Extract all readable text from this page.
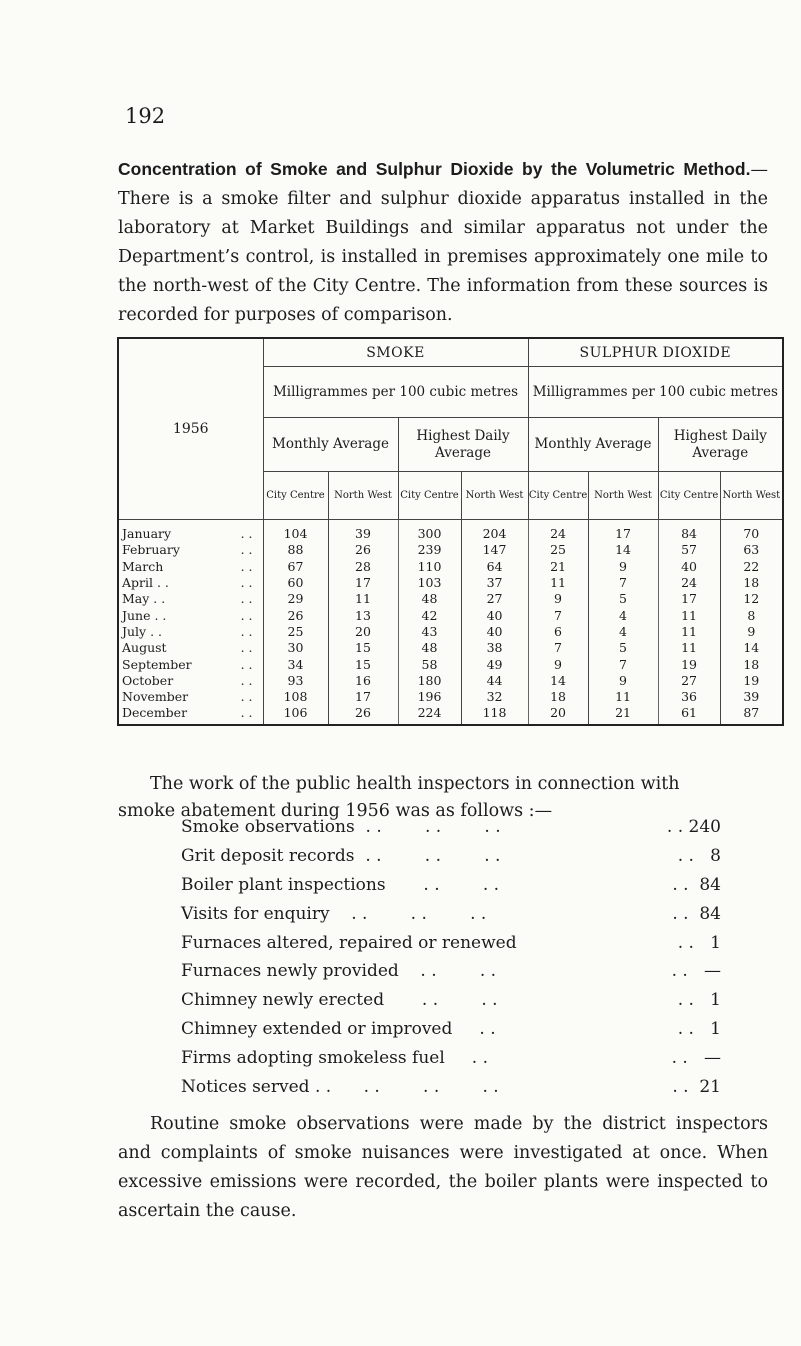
192
Concentration of Smoke and Sulphur Dioxide by the Volumetric Method.—There is a smoke filter and sulphur dioxide apparatus installed in the laboratory at Market Buildings and similar apparatus not under the Department’s control, is installed in premises approximately one mile to the north-west of the City Centre. The information from these sources is recorded for purposes of comparison.
1956	SMOKE				SULPHUR DIOXIDE			
	Milligrammes per 100 cubic metres				Milligrammes per 100 cubic metres			
	Monthly Average		Highest Daily Average		Monthly Average		Highest Daily Average	
	City Centre	North West	City Centre	North West	City Centre	North West	City Centre	North West

January . .	104	39	300	204	24	17	84	70
February . .	88	26	239	147	25	14	57	63
March . .	67	28	110	64	21	9	40	22
April . . . .	60	17	103	37	11	7	24	18
May . . . .	29	11	48	27	9	5	17	12
June . . . .	26	13	42	40	7	4	11	8
July . . . .	25	20	43	40	6	4	11	9
August . .	30	15	48	38	7	5	11	14
September . .	34	15	58	49	9	7	19	18
October . .	93	16	180	44	14	9	27	19
November . .	108	17	196	32	18	11	36	39
December . .	106	26	224	118	20	21	61	87

The work of the public health inspectors in connection with
smoke abatement during 1956 was as follows :—
Smoke observations  . .        . .        . .	. . 240
Grit deposit records  . .        . .        . .	. .   8
Boiler plant inspections       . .        . .	. .  84
Visits for enquiry    . .        . .        . .	. .  84
Furnaces altered, repaired or renewed	. .   1
Furnaces newly provided    . .        . .	. .   —
Chimney newly erected       . .        . .	. .   1
Chimney extended or improved     . .	. .   1
Firms adopting smokeless fuel     . .	. .   —
Notices served . .      . .        . .        . .	. .  21
Routine smoke observations were made by the district inspectors and complaints of smoke nuisances were investigated at once. When excessive emissions were recorded, the boiler plants were inspected to ascertain the cause.
